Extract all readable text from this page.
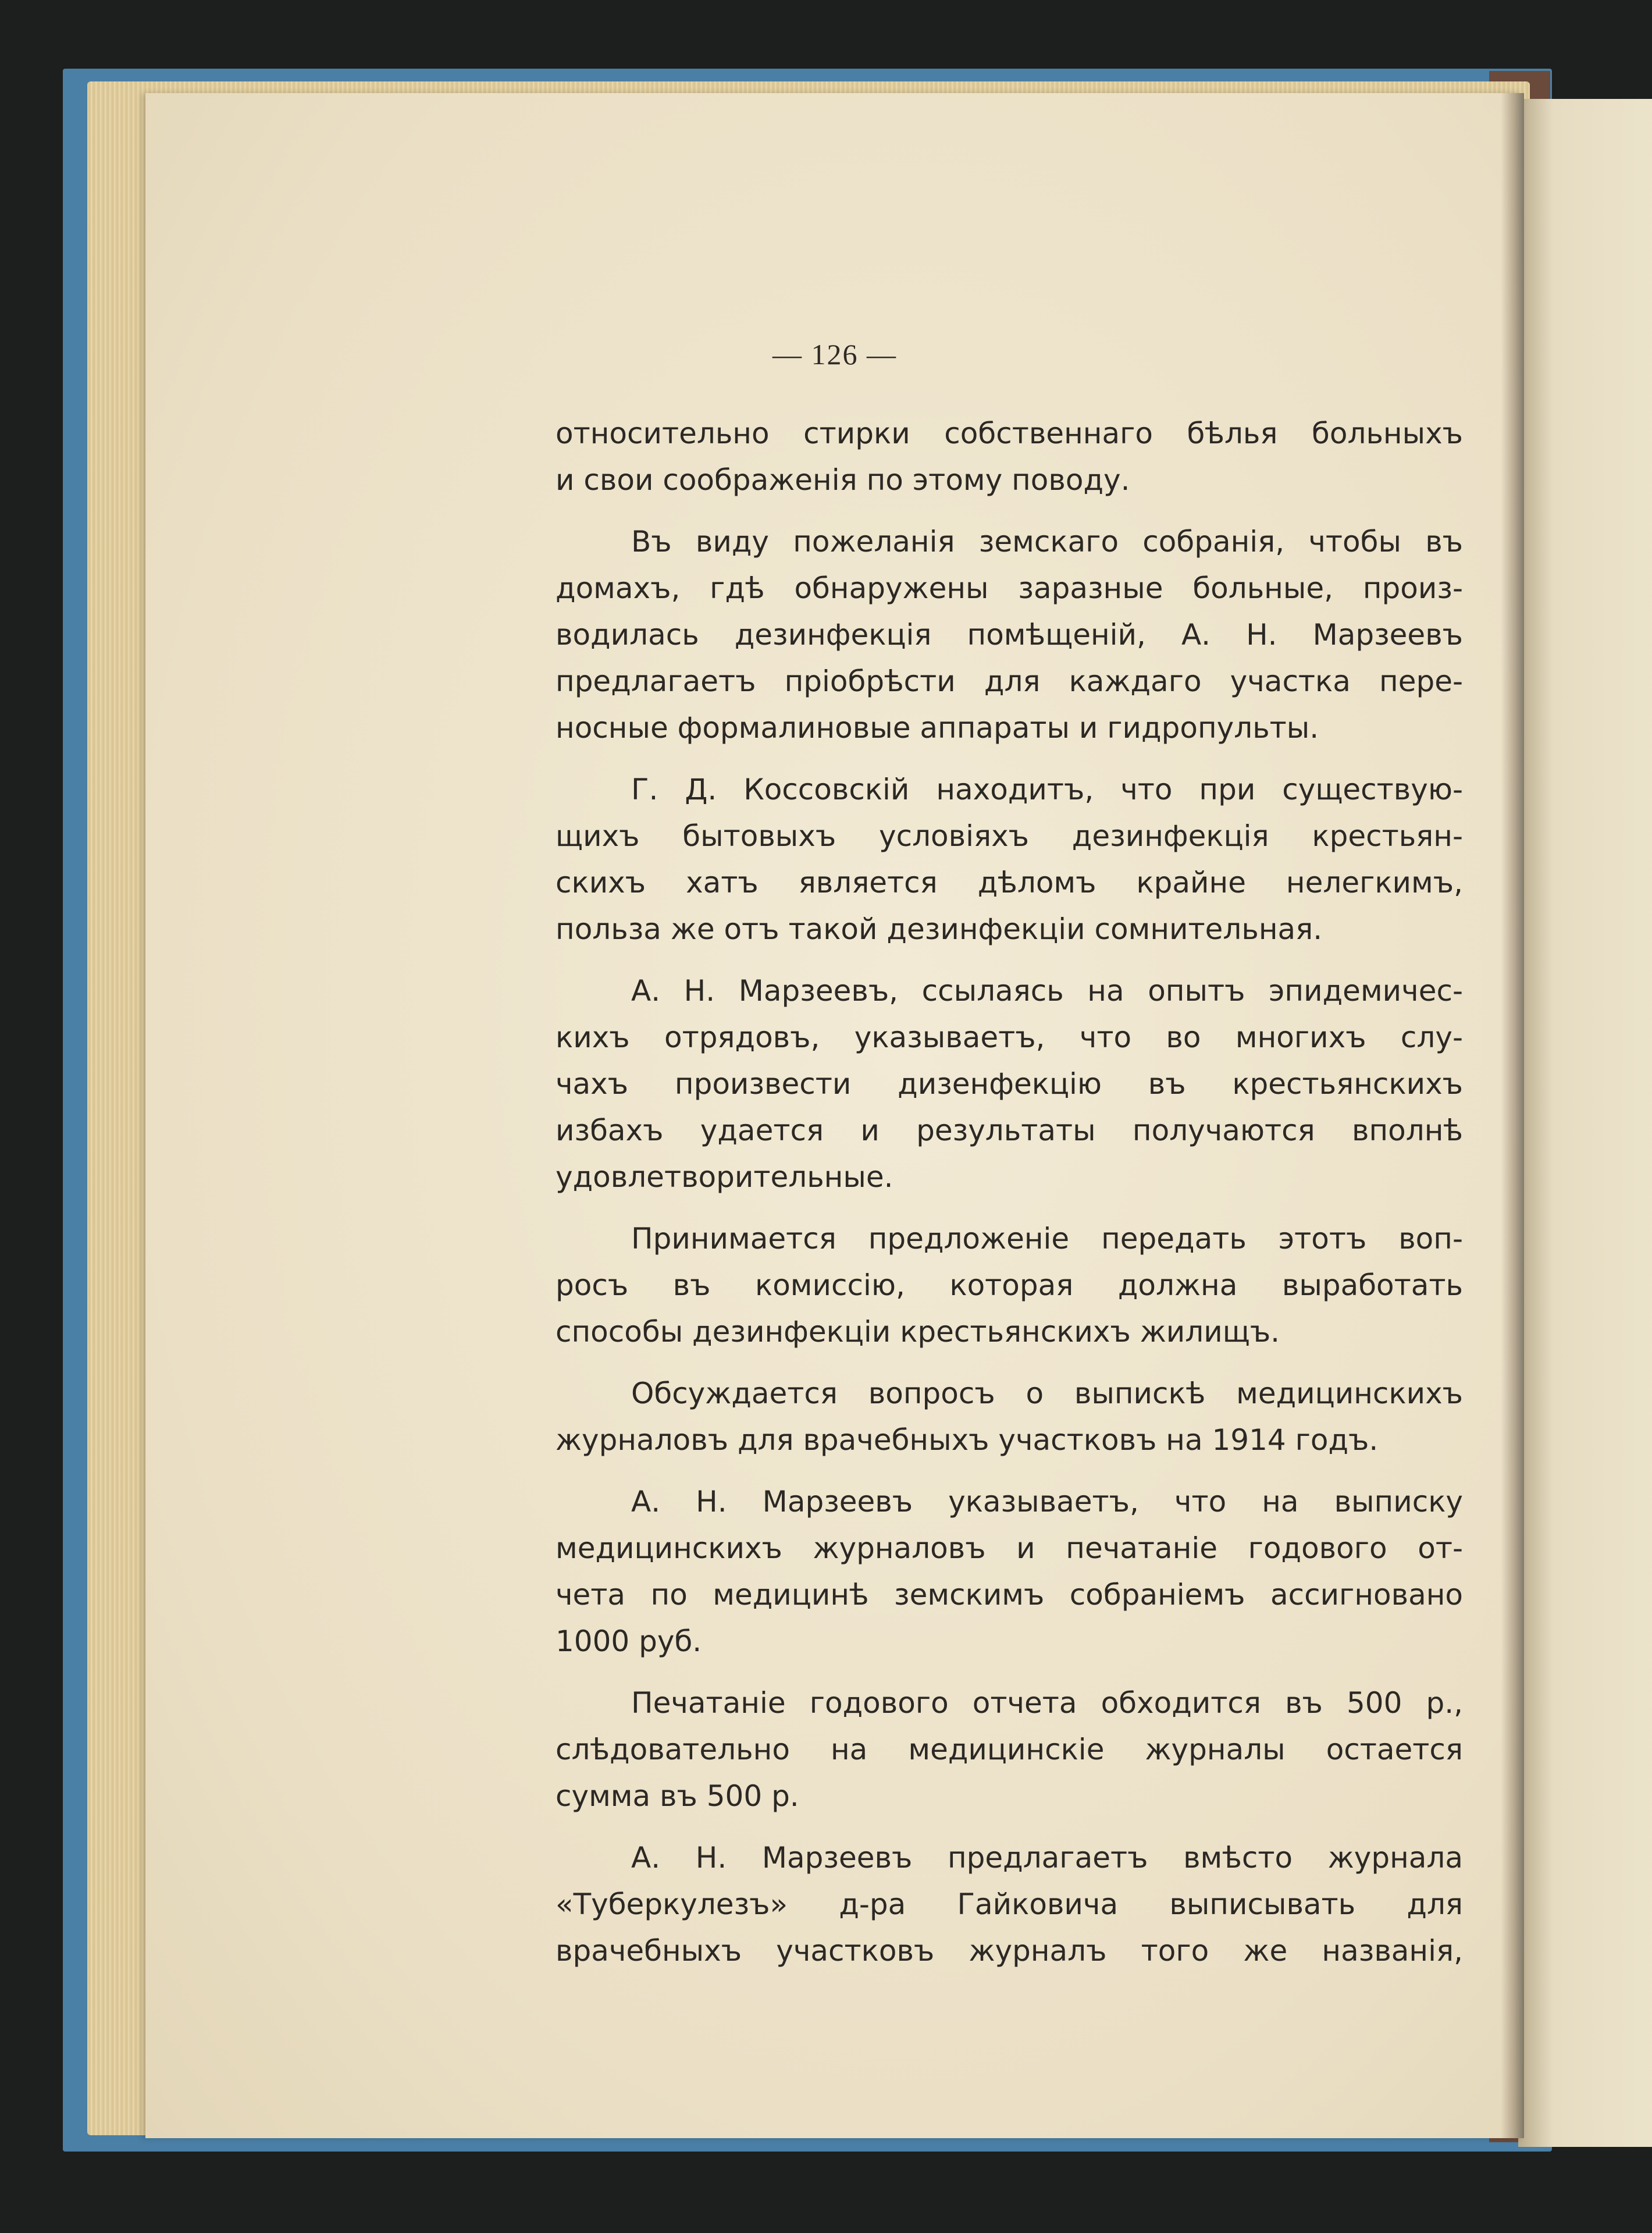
— 126 —

относительно стирки собственнаго бѣлья больныхъ
и свои соображенія по этому поводу.

Въ виду пожеланія земскаго собранія, чтобы въ
домахъ, гдѣ обнаружены заразные больные, произ-
водилась дезинфекція помѣщеній, А. Н. Марзеевъ
предлагаетъ пріобрѣсти для каждаго участка пере-
носные формалиновые аппараты и гидропульты.

Г. Д. Коссовскій находитъ, что при существую-
щихъ бытовыхъ условіяхъ дезинфекція крестьян-
скихъ хатъ является дѣломъ крайне нелегкимъ,
польза же отъ такой дезинфекціи сомнительная.

А. Н. Марзеевъ, ссылаясь на опытъ эпидемичес-
кихъ отрядовъ, указываетъ, что во многихъ слу-
чахъ произвести дизенфекцію въ крестьянскихъ
избахъ удается и результаты получаются вполнѣ
удовлетворительные.

Принимается предложеніе передать этотъ воп-
росъ въ комиссію, которая должна выработать
способы дезинфекціи крестьянскихъ жилищъ.

Обсуждается вопросъ о выпискѣ медицинскихъ
журналовъ для врачебныхъ участковъ на 1914 годъ.

А. Н. Марзеевъ указываетъ, что на выписку
медицинскихъ журналовъ и печатаніе годового от-
чета по медицинѣ земскимъ собраніемъ ассигновано
1000 руб.

Печатаніе годового отчета обходится въ 500 р.,
слѣдовательно на медицинскіе журналы остается
сумма въ 500 р.

А. Н. Марзеевъ предлагаетъ вмѣсто журнала
«Туберкулезъ» д-ра Гайковича выписывать для
врачебныхъ участковъ журналъ того же названія,
